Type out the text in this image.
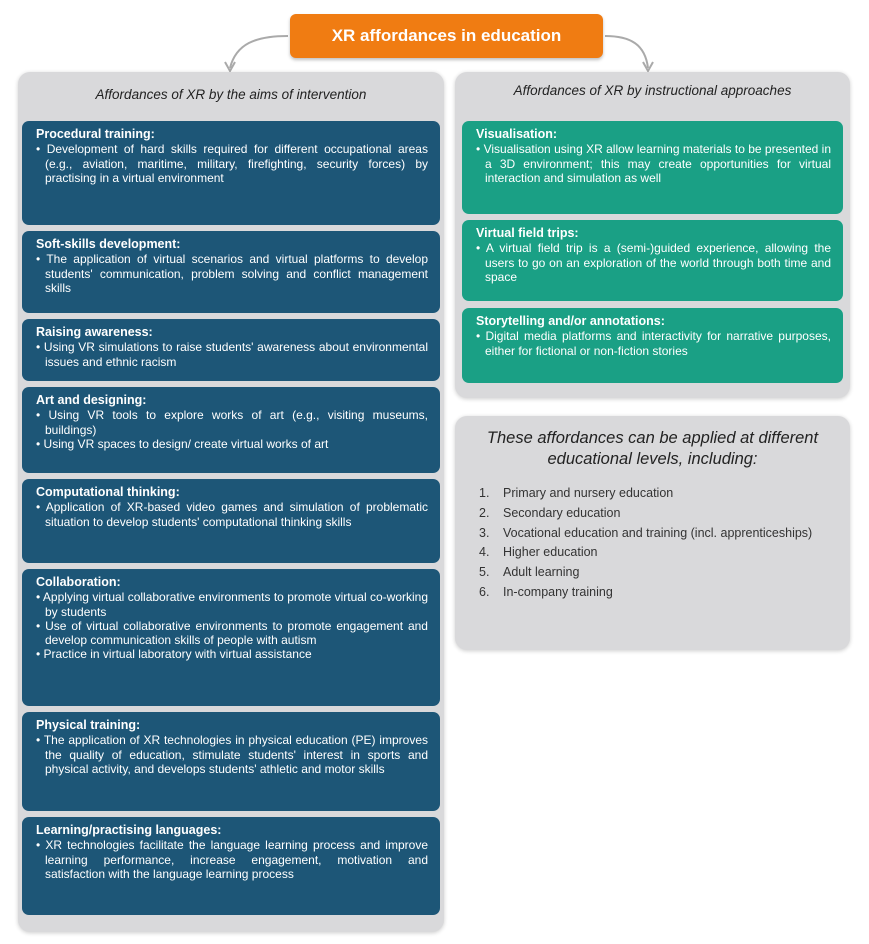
XR affordances in education
Affordances of XR by the aims of intervention	Affordances of XR by instructional approaches
Procedural training:
• Development of hard skills required for different occupational areas (e.g., aviation, maritime, military, firefighting, security forces) by practising in a virtual environment
Soft-skills development:
• The application of virtual scenarios and virtual platforms to develop students' communication, problem solving and conflict management skills
Raising awareness:
• Using VR simulations to raise students' awareness about environmental issues and ethnic racism
Art and designing:
• Using VR tools to explore works of art (e.g., visiting museums, buildings)
• Using VR spaces to design/ create virtual works of art
Computational thinking:
• Application of XR-based video games and simulation of problematic situation to develop students' computational thinking skills
Collaboration:
• Applying virtual collaborative environments to promote virtual co-working by students
• Use of virtual collaborative environments to promote engagement and develop communication skills of people with autism
• Practice in virtual laboratory with virtual assistance
Physical training:
• The application of XR technologies in physical education (PE) improves the quality of education, stimulate students' interest in sports and physical activity, and develops students' athletic and motor skills
Learning/practising languages:
• XR technologies facilitate the language learning process and improve learning performance, increase engagement, motivation and satisfaction with the language learning process
Visualisation:
• Visualisation using XR allow learning materials to be presented in a 3D environment; this may create opportunities for virtual interaction and simulation as well
Virtual field trips:
• A virtual field trip is a (semi-)guided experience, allowing the users to go on an exploration of the world through both time and space
Storytelling and/or annotations:
• Digital media platforms and interactivity for narrative purposes, either for fictional or non-fiction stories
These affordances can be applied at different educational levels, including:
1.	Primary and nursery education
2.	Secondary education
3.	Vocational education and training (incl. apprenticeships)
4.	Higher education
5.	Adult learning
6.	In-company training
